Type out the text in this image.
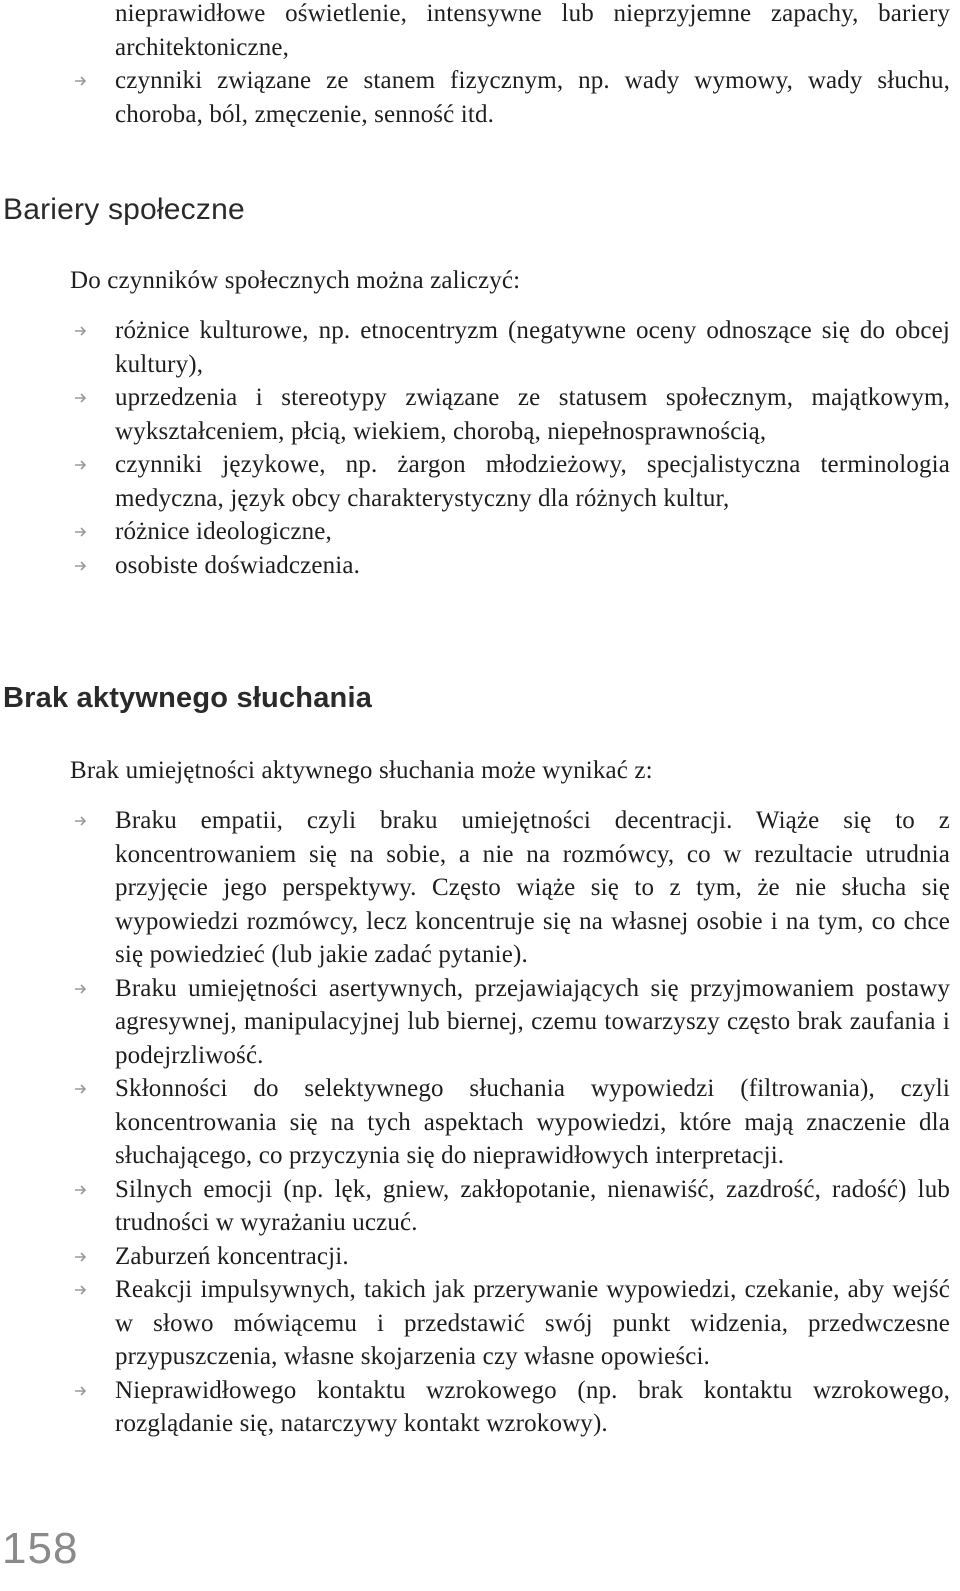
nieprawidłowe oświetlenie, intensywne lub nieprzyjemne zapachy, bariery architektoniczne,
czynniki związane ze stanem fizycznym, np. wady wymowy, wady słuchu, choroba, ból, zmęczenie, senność itd.
Bariery społeczne

Do czynników społecznych można zaliczyć:

różnice kulturowe, np. etnocentryzm (negatywne oceny odnoszące się do obcej kultury),
uprzedzenia i stereotypy związane ze statusem społecznym, majątkowym, wykształceniem, płcią, wiekiem, chorobą, niepełnosprawnością,
czynniki językowe, np. żargon młodzieżowy, specjalistyczna terminologia medyczna, język obcy charakterystyczny dla różnych kultur,
różnice ideologiczne,
osobiste doświadczenia.
Brak aktywnego słuchania

Brak umiejętności aktywnego słuchania może wynikać z:

Braku empatii, czyli braku umiejętności decentracji. Wiąże się to z koncentrowaniem się na sobie, a nie na rozmówcy, co w rezultacie utrudnia przyjęcie jego perspektywy. Często wiąże się to z tym, że nie słucha się wypowiedzi rozmówcy, lecz koncentruje się na własnej osobie i na tym, co chce się powiedzieć (lub jakie zadać pytanie).
Braku umiejętności asertywnych, przejawiających się przyjmowaniem postawy agresywnej, manipulacyjnej lub biernej, czemu towarzyszy często brak zaufania i podejrzliwość.
Skłonności do selektywnego słuchania wypowiedzi (filtrowania), czyli koncentrowania się na tych aspektach wypowiedzi, które mają znaczenie dla słuchającego, co przyczynia się do nieprawidłowych interpretacji.
Silnych emocji (np. lęk, gniew, zakłopotanie, nienawiść, zazdrość, radość) lub trudności w wyrażaniu uczuć.
Zaburzeń koncentracji.
Reakcji impulsywnych, takich jak przerywanie wypowiedzi, czekanie, aby wejść w słowo mówiącemu i przedstawić swój punkt widzenia, przedwczesne przypuszczenia, własne skojarzenia czy własne opowieści.
Nieprawidłowego kontaktu wzrokowego (np. brak kontaktu wzrokowego, rozglądanie się, natarczywy kontakt wzrokowy).
158
